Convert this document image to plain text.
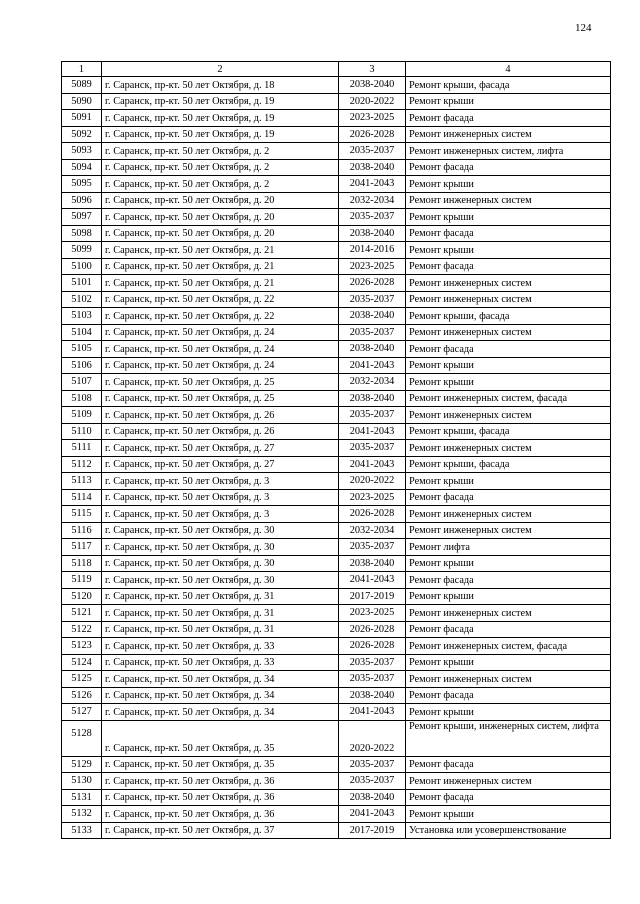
124
1	2	3	4
5089	г. Саранск, пр-кт. 50 лет Октября, д. 18	2038-2040	Ремонт крыши, фасада
5090	г. Саранск, пр-кт. 50 лет Октября, д. 19	2020-2022	Ремонт крыши
5091	г. Саранск, пр-кт. 50 лет Октября, д. 19	2023-2025	Ремонт фасада
5092	г. Саранск, пр-кт. 50 лет Октября, д. 19	2026-2028	Ремонт инженерных систем
5093	г. Саранск, пр-кт. 50 лет Октября, д. 2	2035-2037	Ремонт инженерных систем, лифта
5094	г. Саранск, пр-кт. 50 лет Октября, д. 2	2038-2040	Ремонт фасада
5095	г. Саранск, пр-кт. 50 лет Октября, д. 2	2041-2043	Ремонт крыши
5096	г. Саранск, пр-кт. 50 лет Октября, д. 20	2032-2034	Ремонт инженерных систем
5097	г. Саранск, пр-кт. 50 лет Октября, д. 20	2035-2037	Ремонт крыши
5098	г. Саранск, пр-кт. 50 лет Октября, д. 20	2038-2040	Ремонт фасада
5099	г. Саранск, пр-кт. 50 лет Октября, д. 21	2014-2016	Ремонт крыши
5100	г. Саранск, пр-кт. 50 лет Октября, д. 21	2023-2025	Ремонт фасада
5101	г. Саранск, пр-кт. 50 лет Октября, д. 21	2026-2028	Ремонт инженерных систем
5102	г. Саранск, пр-кт. 50 лет Октября, д. 22	2035-2037	Ремонт инженерных систем
5103	г. Саранск, пр-кт. 50 лет Октября, д. 22	2038-2040	Ремонт крыши, фасада
5104	г. Саранск, пр-кт. 50 лет Октября, д. 24	2035-2037	Ремонт инженерных систем
5105	г. Саранск, пр-кт. 50 лет Октября, д. 24	2038-2040	Ремонт фасада
5106	г. Саранск, пр-кт. 50 лет Октября, д. 24	2041-2043	Ремонт крыши
5107	г. Саранск, пр-кт. 50 лет Октября, д. 25	2032-2034	Ремонт крыши
5108	г. Саранск, пр-кт. 50 лет Октября, д. 25	2038-2040	Ремонт инженерных систем, фасада
5109	г. Саранск, пр-кт. 50 лет Октября, д. 26	2035-2037	Ремонт инженерных систем
5110	г. Саранск, пр-кт. 50 лет Октября, д. 26	2041-2043	Ремонт крыши, фасада
5111	г. Саранск, пр-кт. 50 лет Октября, д. 27	2035-2037	Ремонт инженерных систем
5112	г. Саранск, пр-кт. 50 лет Октября, д. 27	2041-2043	Ремонт крыши, фасада
5113	г. Саранск, пр-кт. 50 лет Октября, д. 3	2020-2022	Ремонт крыши
5114	г. Саранск, пр-кт. 50 лет Октября, д. 3	2023-2025	Ремонт фасада
5115	г. Саранск, пр-кт. 50 лет Октября, д. 3	2026-2028	Ремонт инженерных систем
5116	г. Саранск, пр-кт. 50 лет Октября, д. 30	2032-2034	Ремонт инженерных систем
5117	г. Саранск, пр-кт. 50 лет Октября, д. 30	2035-2037	Ремонт лифта
5118	г. Саранск, пр-кт. 50 лет Октября, д. 30	2038-2040	Ремонт крыши
5119	г. Саранск, пр-кт. 50 лет Октября, д. 30	2041-2043	Ремонт фасада
5120	г. Саранск, пр-кт. 50 лет Октября, д. 31	2017-2019	Ремонт крыши
5121	г. Саранск, пр-кт. 50 лет Октября, д. 31	2023-2025	Ремонт инженерных систем
5122	г. Саранск, пр-кт. 50 лет Октября, д. 31	2026-2028	Ремонт фасада
5123	г. Саранск, пр-кт. 50 лет Октября, д. 33	2026-2028	Ремонт инженерных систем, фасада
5124	г. Саранск, пр-кт. 50 лет Октября, д. 33	2035-2037	Ремонт крыши
5125	г. Саранск, пр-кт. 50 лет Октября, д. 34	2035-2037	Ремонт инженерных систем
5126	г. Саранск, пр-кт. 50 лет Октября, д. 34	2038-2040	Ремонт фасада
5127	г. Саранск, пр-кт. 50 лет Октября, д. 34	2041-2043	Ремонт крыши
5128	г. Саранск, пр-кт. 50 лет Октября, д. 35	2020-2022	Ремонт крыши, инженерных систем, лифта
5129	г. Саранск, пр-кт. 50 лет Октября, д. 35	2035-2037	Ремонт фасада
5130	г. Саранск, пр-кт. 50 лет Октября, д. 36	2035-2037	Ремонт инженерных систем
5131	г. Саранск, пр-кт. 50 лет Октября, д. 36	2038-2040	Ремонт фасада
5132	г. Саранск, пр-кт. 50 лет Октября, д. 36	2041-2043	Ремонт крыши
5133	г. Саранск, пр-кт. 50 лет Октября, д. 37	2017-2019	Установка или усовершенствование
